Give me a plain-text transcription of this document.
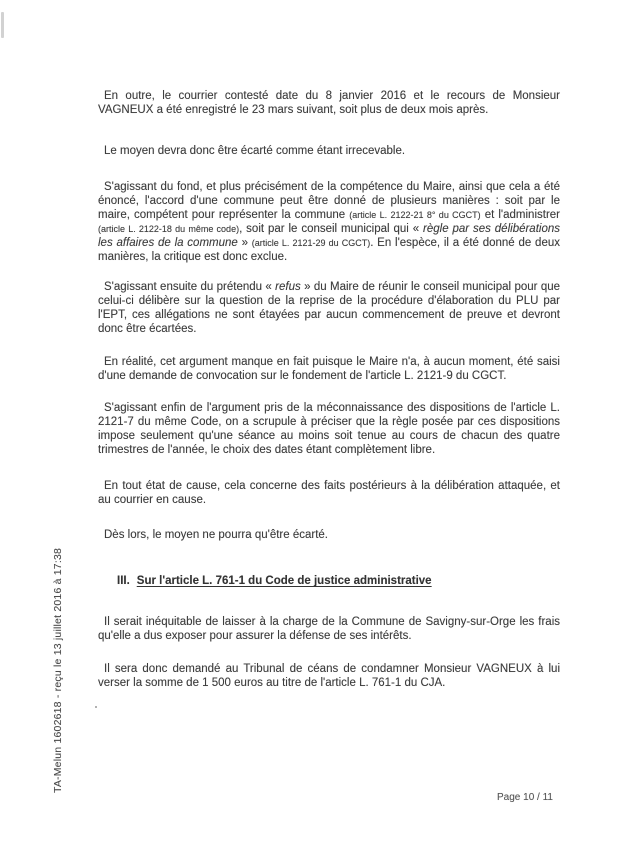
TA-Melun 1602618 - reçu le 13 juillet 2016 à 17:38

En outre, le courrier contesté date du 8 janvier 2016 et le recours de Monsieur VAGNEUX a été enregistré le 23 mars suivant, soit plus de deux mois après.

Le moyen devra donc être écarté comme étant irrecevable.

S'agissant du fond, et plus précisément de la compétence du Maire, ainsi que cela a été énoncé, l'accord d'une commune peut être donné de plusieurs manières : soit par le maire, compétent pour représenter la commune (article L. 2122-21 8° du CGCT) et l'administrer (article L. 2122-18 du même code), soit par le conseil municipal qui « règle par ses délibérations les affaires de la commune » (article L. 2121-29 du CGCT). En l'espèce, il a été donné de deux manières, la critique est donc exclue.

S'agissant ensuite du prétendu « refus » du Maire de réunir le conseil municipal pour que celui-ci délibère sur la question de la reprise de la procédure d'élaboration du PLU par l'EPT, ces allégations ne sont étayées par aucun commencement de preuve et devront donc être écartées.

En réalité, cet argument manque en fait puisque le Maire n'a, à aucun moment, été saisi d'une demande de convocation sur le fondement de l'article L. 2121-9 du CGCT.

S'agissant enfin de l'argument pris de la méconnaissance des dispositions de l'article L. 2121-7 du même Code, on a scrupule à préciser que la règle posée par ces dispositions impose seulement qu'une séance au moins soit tenue au cours de chacun des quatre trimestres de l'année, le choix des dates étant complètement libre.

En tout état de cause, cela concerne des faits postérieurs à la délibération attaquée, et au courrier en cause.

Dès lors, le moyen ne pourra qu'être écarté.

III. Sur l'article L. 761-1 du Code de justice administrative

Il serait inéquitable de laisser à la charge de la Commune de Savigny-sur-Orge les frais qu'elle a dus exposer pour assurer la défense de ses intérêts.

Il sera donc demandé au Tribunal de céans de condamner Monsieur VAGNEUX à lui verser la somme de 1 500 euros au titre de l'article L. 761-1 du CJA.

Page 10 / 11
